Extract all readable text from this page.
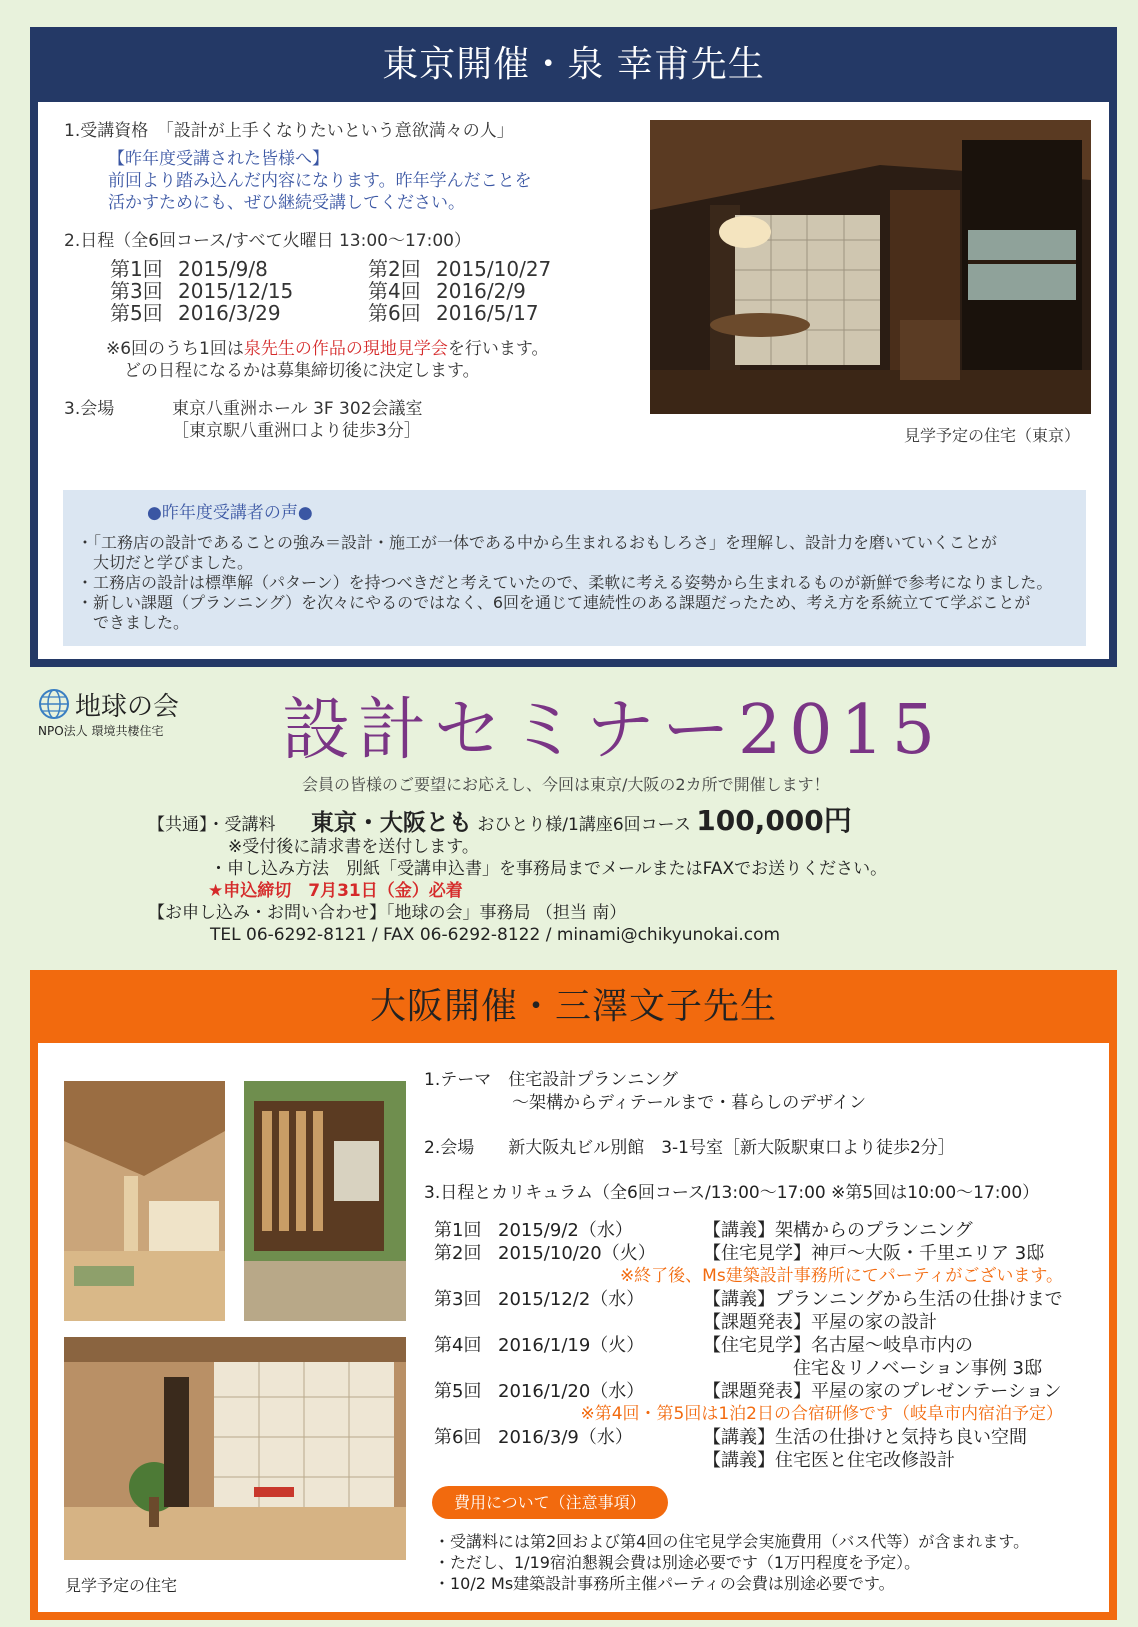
東京開催・泉 幸甫先生
1.受講資格　「設計が上手くなりたいという意欲満々の人」
【昨年度受講された皆様へ】
前回より踏み込んだ内容になります。昨年学んだことを
活かすためにも、ぜひ継続受講してください。
2.日程（全6回コース/すべて火曜日 13:00〜17:00）
第1回 2015/9/8	第2回 2015/10/27
第3回 2015/12/15	第4回 2016/2/9
第5回 2016/3/29	第6回 2016/5/17
※6回のうち1回は泉先生の作品の現地見学会を行います。
どの日程になるかは募集締切後に決定します。
3.会場	東京八重洲ホール 3F 302会議室
［東京駅八重洲口より徒歩3分］	見学予定の住宅（東京）
●昨年度受講者の声●
・「工務店の設計であることの強み＝設計・施工が一体である中から生まれるおもしろさ」を理解し、設計力を磨いていくことが
　大切だと学びました。
・工務店の設計は標準解（パターン）を持つべきだと考えていたので、柔軟に考える姿勢から生まれるものが新鮮で参考になりました。
・新しい課題（プランニング）を次々にやるのではなく、6回を通じて連続性のある課題だったため、考え方を系統立てて学ぶことが
　できました。
地球の会
NPO法人 環境共棲住宅 設計セミナー2015
会員の皆様のご要望にお応えし、今回は東京/大阪の2カ所で開催します！
【共通】・受講料 東京・大阪とも おひとり様/1講座6回コース 100,000円
※受付後に請求書を送付します。
・申し込み方法　別紙「受講申込書」を事務局までメールまたはFAXでお送りください。
★申込締切　7月31日（金）必着
【お申し込み・お問い合わせ】「地球の会」事務局 （担当 南）
TEL 06-6292-8121 / FAX 06-6292-8122 / minami@chikyunokai.com
大阪開催・三澤文子先生
見学予定の住宅
1.テーマ　住宅設計プランニング
〜架構からディテールまで・暮らしのデザイン
2.会場　　新大阪丸ビル別館　3-1号室［新大阪駅東口より徒歩2分］
3.日程とカリキュラム（全6回コース/13:00〜17:00 ※第5回は10:00〜17:00）
第1回 2015/9/2（水）	【講義】架構からのプランニング
第2回 2015/10/20（火）	【住宅見学】神戸〜大阪・千里エリア 3邸
※終了後、Ms建築設計事務所にてパーティがございます。
第3回 2015/12/2（水）	【講義】プランニングから生活の仕掛けまで
【課題発表】平屋の家の設計
第4回 2016/1/19（火）	【住宅見学】名古屋〜岐阜市内の
　　　　　住宅＆リノベーション事例 3邸
第5回 2016/1/20（水）	【課題発表】平屋の家のプレゼンテーション
※第4回・第5回は1泊2日の合宿研修です（岐阜市内宿泊予定）
第6回 2016/3/9（水）	【講義】生活の仕掛けと気持ち良い空間
【講義】住宅医と住宅改修設計
費用について（注意事項）
・受講料には第2回および第4回の住宅見学会実施費用（バス代等）が含まれます。
・ただし、1/19宿泊懇親会費は別途必要です（1万円程度を予定）。
・10/2 Ms建築設計事務所主催パーティの会費は別途必要です。
